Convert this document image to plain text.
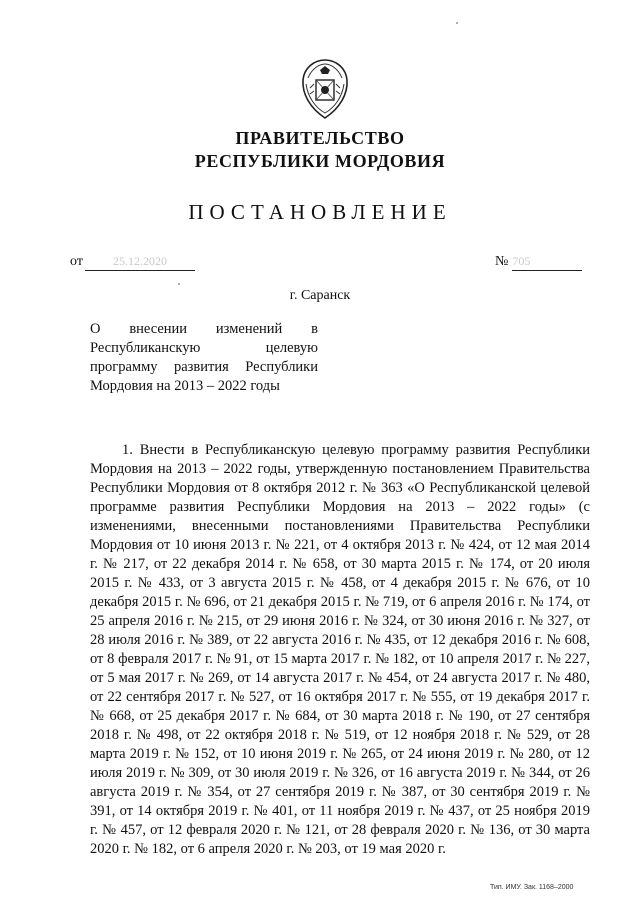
ПРАВИТЕЛЬСТВО
РЕСПУБЛИКИ МОРДОВИЯ
ПОСТАНОВЛЕНИЕ
от	25.12.2020	№ 705
г. Саранск
О внесении изменений в Республиканскую целевую программу развития Республики Мордовия на 2013 – 2022 годы
1. Внести в Республиканскую целевую программу развития Республики Мордовия на 2013 – 2022 годы, утвержденную постановлением Правительства Республики Мордовия от 8 октября 2012 г. № 363 «О Республиканской целевой программе развития Республики Мордовия на 2013 – 2022 годы» (с изменениями, внесенными постановлениями Правительства Республики Мордовия от 10 июня 2013 г. № 221, от 4 октября 2013 г. № 424, от 12 мая 2014 г. № 217, от 22 декабря 2014 г. № 658, от 30 марта 2015 г. № 174, от 20 июля 2015 г. № 433, от 3 августа 2015 г. № 458, от 4 декабря 2015 г. № 676, от 10 декабря 2015 г. № 696, от 21 декабря 2015 г. № 719, от 6 апреля 2016 г. № 174, от 25 апреля 2016 г. № 215, от 29 июня 2016 г. № 324, от 30 июня 2016 г. № 327, от 28 июля 2016 г. № 389, от 22 августа 2016 г. № 435, от 12 декабря 2016 г. № 608, от 8 февраля 2017 г. № 91, от 15 марта 2017 г. № 182, от 10 апреля 2017 г. № 227, от 5 мая 2017 г. № 269, от 14 августа 2017 г. № 454, от 24 августа 2017 г. № 480, от 22 сентября 2017 г. № 527, от 16 октября 2017 г. № 555, от 19 декабря 2017 г. № 668, от 25 декабря 2017 г. № 684, от 30 марта 2018 г. № 190, от 27 сентября 2018 г. № 498, от 22 октября 2018 г. № 519, от 12 ноября 2018 г. № 529, от 28 марта 2019 г. № 152, от 10 июня 2019 г. № 265, от 24 июня 2019 г. № 280, от 12 июля 2019 г. № 309, от 30 июля 2019 г. № 326, от 16 августа 2019 г. № 344, от 26 августа 2019 г. № 354, от 27 сентября 2019 г. № 387, от 30 сентября 2019 г. № 391, от 14 октября 2019 г. № 401, от 11 ноября 2019 г. № 437, от 25 ноября 2019 г. № 457, от 12 февраля 2020 г. № 121, от 28 февраля 2020 г. № 136, от 30 марта 2020 г. № 182, от 6 апреля 2020 г. № 203, от 19 мая 2020 г.
Тип. ИМУ. Зак. 1168–2000
